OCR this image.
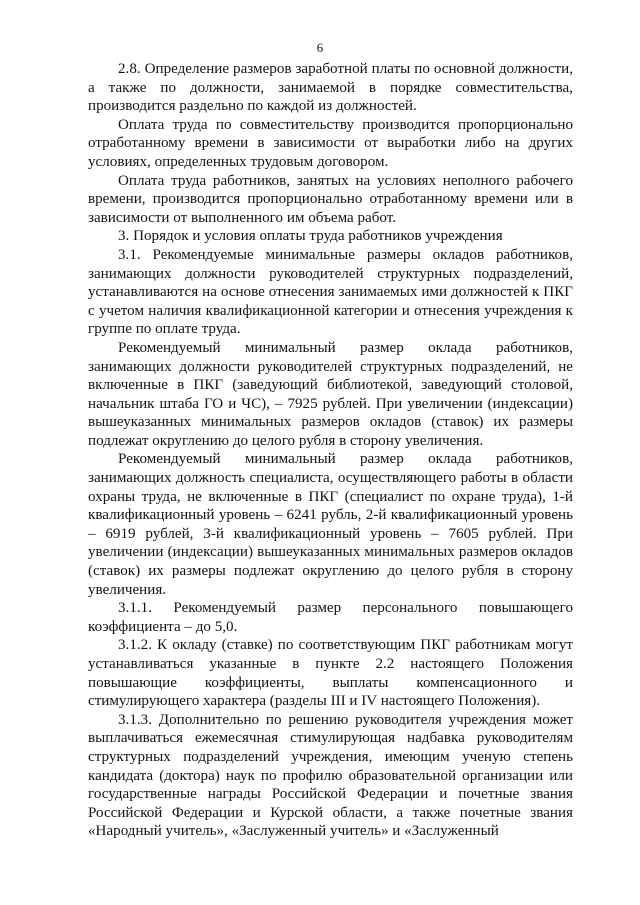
6

2.8. Определение размеров заработной платы по основной должности, а также по должности, занимаемой в порядке совместительства, производится раздельно по каждой из должностей.

Оплата труда по совместительству производится пропорционально отработанному времени в зависимости от выработки либо на других условиях, определенных трудовым договором.

Оплата труда работников, занятых на условиях неполного рабочего времени, производится пропорционально отработанному времени или в зависимости от выполненного им объема работ.

3. Порядок и условия оплаты труда работников учреждения

3.1. Рекомендуемые минимальные размеры окладов работников, занимающих должности руководителей структурных подразделений, устанавливаются на основе отнесения занимаемых ими должностей к ПКГ с учетом наличия квалификационной категории и отнесения учреждения к группе по оплате труда.

Рекомендуемый минимальный размер оклада работников, занимающих должности руководителей структурных подразделений, не включенные в ПКГ (заведующий библиотекой, заведующий столовой, начальник штаба ГО и ЧС), – 7925 рублей. При увеличении (индексации) вышеуказанных минимальных размеров окладов (ставок) их размеры подлежат округлению до целого рубля в сторону увеличения.

Рекомендуемый минимальный размер оклада работников, занимающих должность специалиста, осуществляющего работы в области охраны труда, не включенные в ПКГ (специалист по охране труда), 1-й квалификационный уровень – 6241 рубль, 2-й квалификационный уровень – 6919 рублей, 3-й квалификационный уровень – 7605 рублей. При увеличении (индексации) вышеуказанных минимальных размеров окладов (ставок) их размеры подлежат округлению до целого рубля в сторону увеличения.

3.1.1. Рекомендуемый размер персонального повышающего коэффициента – до 5,0.

3.1.2. К окладу (ставке) по соответствующим ПКГ работникам могут устанавливаться указанные в пункте 2.2 настоящего Положения повышающие коэффициенты, выплаты компенсационного и стимулирующего характера (разделы III и IV настоящего Положения).

3.1.3. Дополнительно по решению руководителя учреждения может выплачиваться ежемесячная стимулирующая надбавка руководителям структурных подразделений учреждения, имеющим ученую степень кандидата (доктора) наук по профилю образовательной организации или государственные награды Российской Федерации и почетные звания Российской Федерации и Курской области, а также почетные звания «Народный учитель», «Заслуженный учитель» и «Заслуженный
